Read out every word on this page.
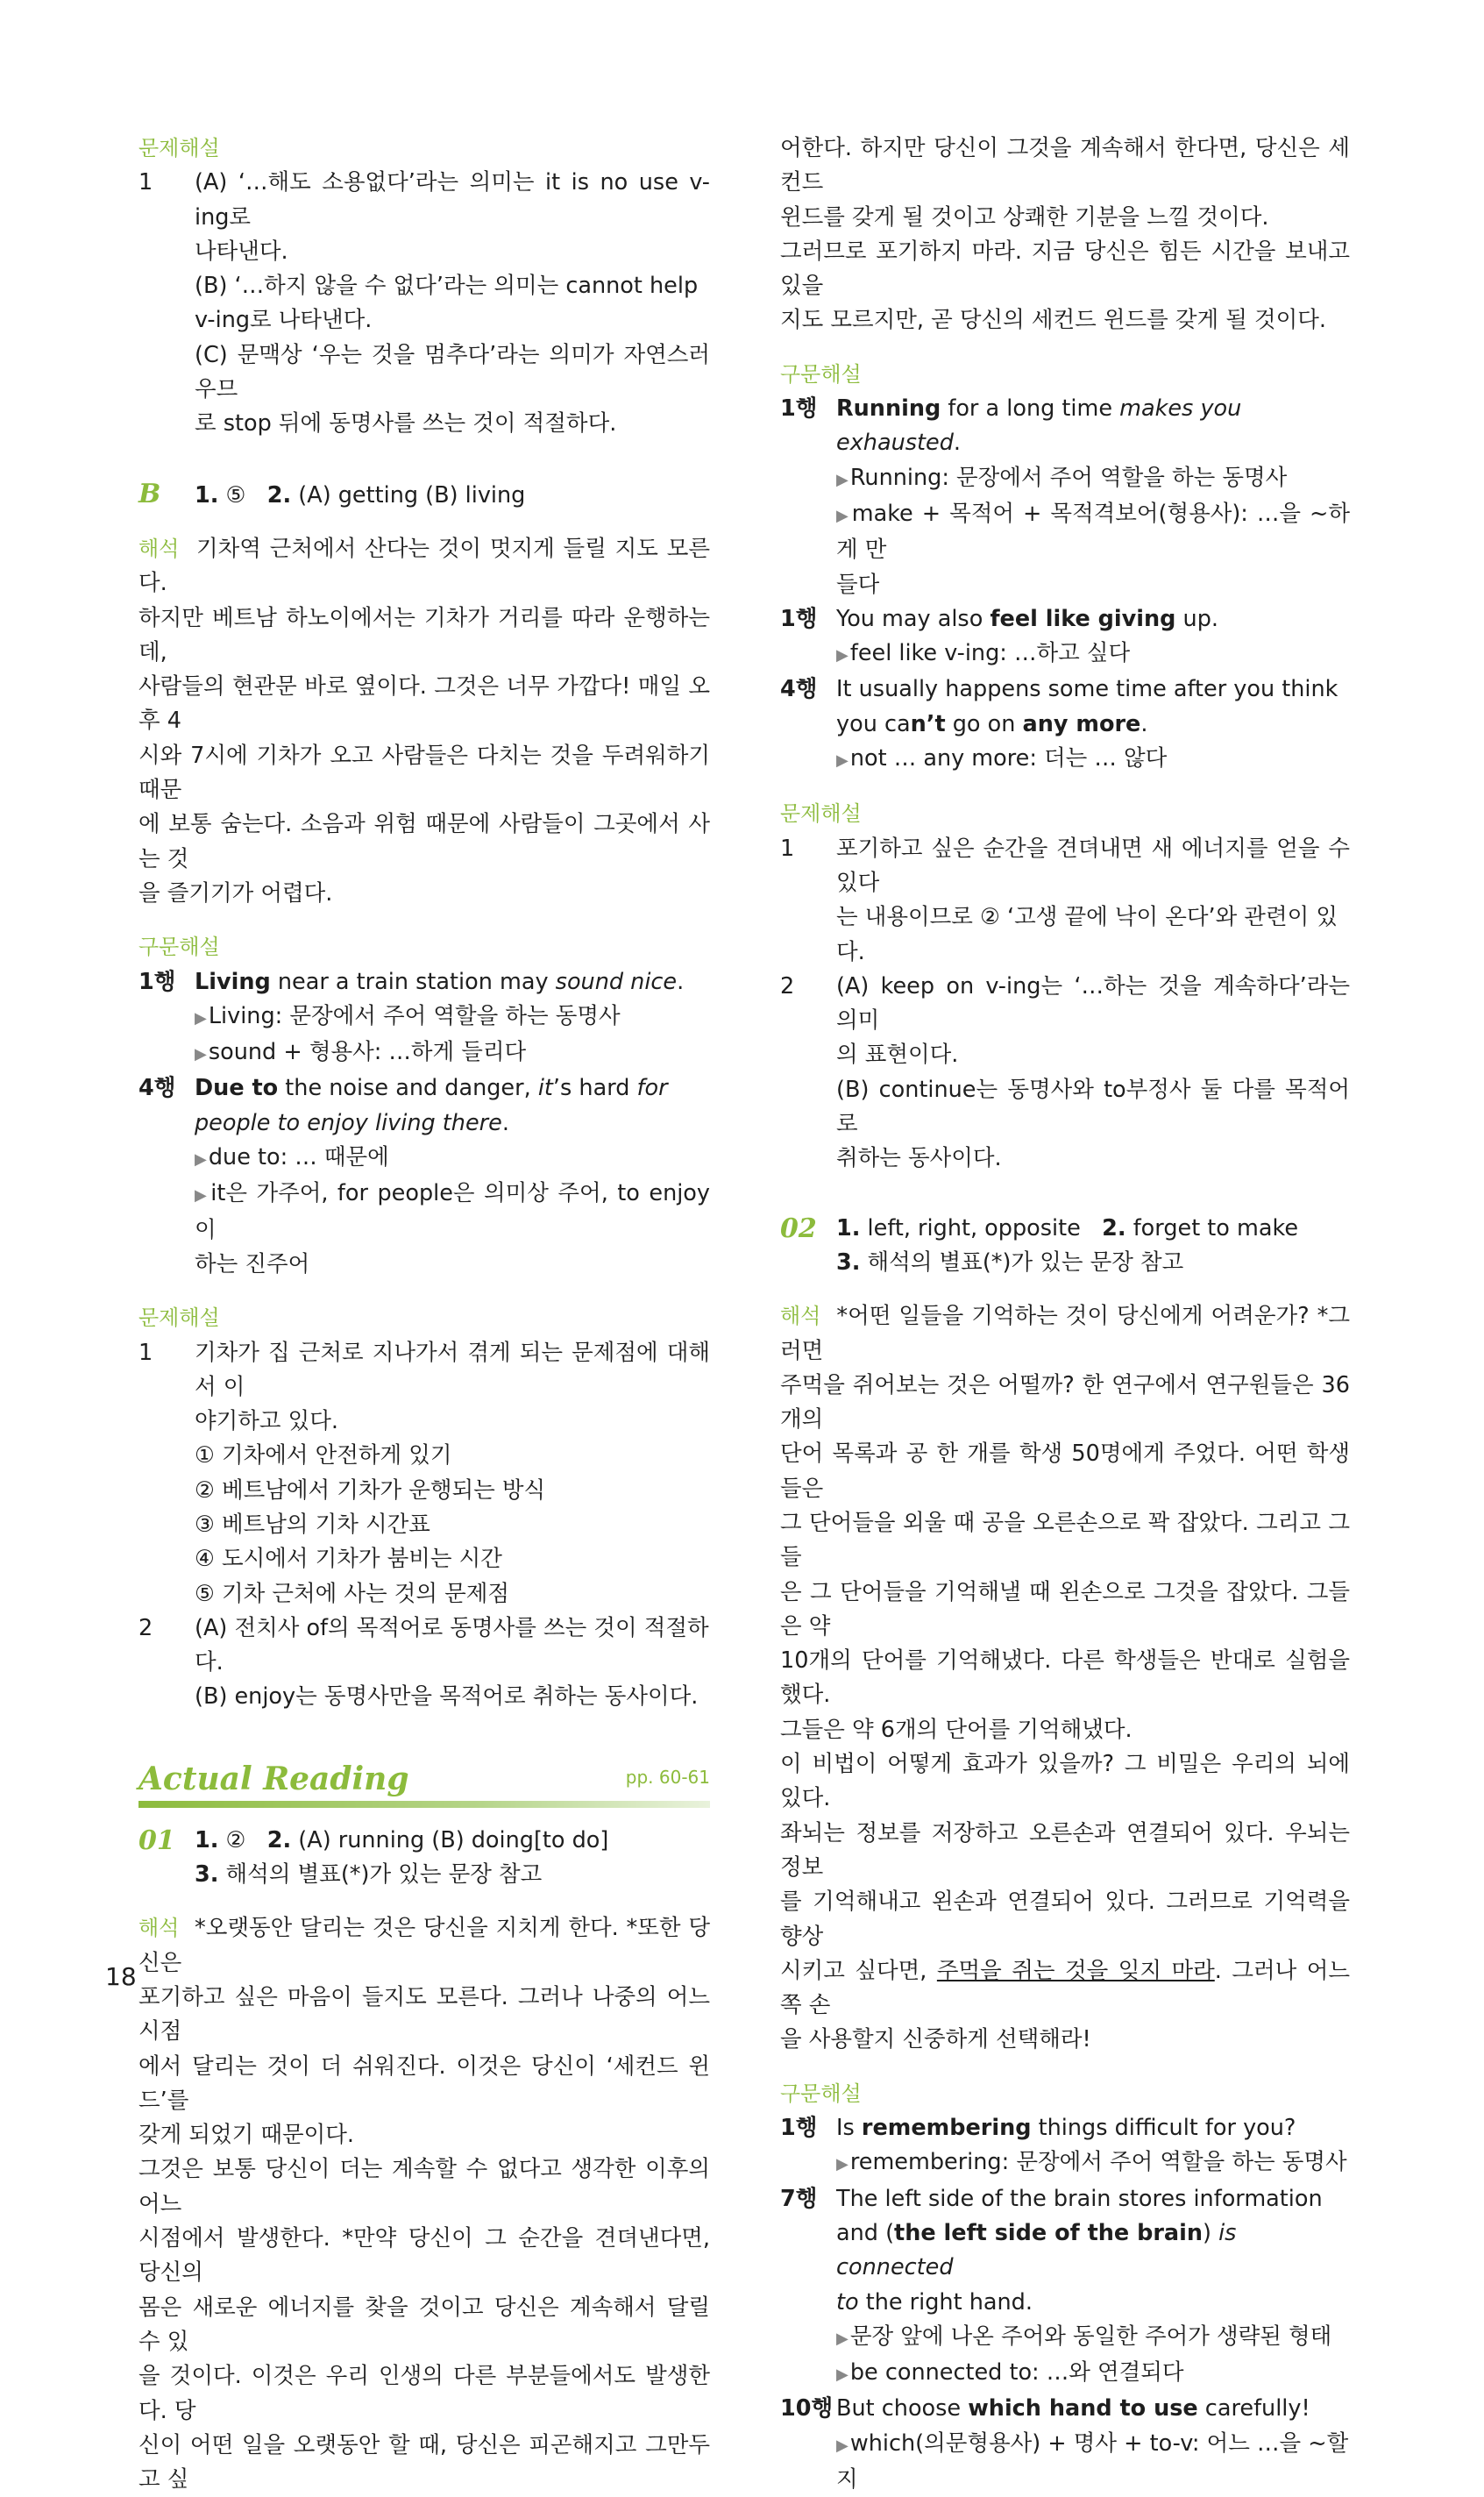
문제해설

1	(A) ‘…해도 소용없다’라는 의미는 it is no use v-ing로

나타낸다.

(B) ‘…하지 않을 수 없다’라는 의미는 cannot help

v-ing로 나타낸다.

(C) 문맥상 ‘우는 것을 멈추다’라는 의미가 자연스러우므

로 stop 뒤에 동명사를 쓰는 것이 적절하다.

B 1. ⑤ 2. (A) getting (B) living

해석 기차역 근처에서 산다는 것이 멋지게 들릴 지도 모른다.

하지만 베트남 하노이에서는 기차가 거리를 따라 운행하는데,

사람들의 현관문 바로 옆이다. 그것은 너무 가깝다! 매일 오후 4

시와 7시에 기차가 오고 사람들은 다치는 것을 두려워하기 때문

에 보통 숨는다. 소음과 위험 때문에 사람들이 그곳에서 사는 것

을 즐기기가 어렵다.

구문해설

1행 Living near a train station may sound nice.

▶Living: 문장에서 주어 역할을 하는 동명사

▶sound + 형용사: …하게 들리다

4행 Due to the noise and danger, it’s hard for

people to enjoy living there.

▶due to: … 때문에

▶it은 가주어, for people은 의미상 주어, to enjoy 이

하는 진주어

문제해설

1	기차가 집 근처로 지나가서 겪게 되는 문제점에 대해서 이

야기하고 있다.

① 기차에서 안전하게 있기

② 베트남에서 기차가 운행되는 방식

③ 베트남의 기차 시간표

④ 도시에서 기차가 붐비는 시간

⑤ 기차 근처에 사는 것의 문제점

2	(A) 전치사 of의 목적어로 동명사를 쓰는 것이 적절하다.

(B) enjoy는 동명사만을 목적어로 취하는 동사이다.

Actual Reading	pp. 60-61
01 1. ② 2. (A) running (B) doing[to do]

3. 해석의 별표(*)가 있는 문장 참고

해석 *오랫동안 달리는 것은 당신을 지치게 한다. *또한 당신은

포기하고 싶은 마음이 들지도 모른다. 그러나 나중의 어느 시점

에서 달리는 것이 더 쉬워진다. 이것은 당신이 ‘세컨드 윈드’를

갖게 되었기 때문이다.

그것은 보통 당신이 더는 계속할 수 없다고 생각한 이후의 어느

시점에서 발생한다. *만약 당신이 그 순간을 견뎌낸다면, 당신의

몸은 새로운 에너지를 찾을 것이고 당신은 계속해서 달릴 수 있

을 것이다. 이것은 우리 인생의 다른 부분들에서도 발생한다. 당

신이 어떤 일을 오랫동안 할 때, 당신은 피곤해지고 그만두고 싶

어한다. 하지만 당신이 그것을 계속해서 한다면, 당신은 세컨드

윈드를 갖게 될 것이고 상쾌한 기분을 느낄 것이다.

그러므로 포기하지 마라. 지금 당신은 힘든 시간을 보내고 있을

지도 모르지만, 곧 당신의 세컨드 윈드를 갖게 될 것이다.

구문해설

1행 Running for a long time makes you exhausted.

▶Running: 문장에서 주어 역할을 하는 동명사

▶make + 목적어 + 목적격보어(형용사): …을 ~하게 만

들다

1행 You may also feel like giving up.

▶feel like v-ing: …하고 싶다

4행 It usually happens some time after you think

you can’t go on any more.

▶not … any more: 더는 … 않다

문제해설

1	포기하고 싶은 순간을 견뎌내면 새 에너지를 얻을 수 있다

는 내용이므로 ② ‘고생 끝에 낙이 온다’와 관련이 있다.

2	(A) keep on v-ing는 ‘…하는 것을 계속하다’라는 의미

의 표현이다.

(B) continue는 동명사와 to부정사 둘 다를 목적어로

취하는 동사이다.

02 1. left, right, opposite 2. forget to make

3. 해석의 별표(*)가 있는 문장 참고

해석 *어떤 일들을 기억하는 것이 당신에게 어려운가? *그러면

주먹을 쥐어보는 것은 어떨까? 한 연구에서 연구원들은 36개의

단어 목록과 공 한 개를 학생 50명에게 주었다. 어떤 학생들은

그 단어들을 외울 때 공을 오른손으로 꽉 잡았다. 그리고 그들

은 그 단어들을 기억해낼 때 왼손으로 그것을 잡았다. 그들은 약

10개의 단어를 기억해냈다. 다른 학생들은 반대로 실험을 했다.

그들은 약 6개의 단어를 기억해냈다.

이 비법이 어떻게 효과가 있을까? 그 비밀은 우리의 뇌에 있다.

좌뇌는 정보를 저장하고 오른손과 연결되어 있다. 우뇌는 정보

를 기억해내고 왼손과 연결되어 있다. 그러므로 기억력을 향상

시키고 싶다면, 주먹을 쥐는 것을 잊지 마라. 그러나 어느 쪽 손

을 사용할지 신중하게 선택해라!

구문해설

1행 Is remembering things difficult for you?

▶remembering: 문장에서 주어 역할을 하는 동명사

7행 The left side of the brain stores information

and (the left side of the brain) is connected

to the right hand.

▶문장 앞에 나온 주어와 동일한 주어가 생략된 형태

▶be connected to: …와 연결되다

10행 But choose which hand to use carefully!

▶which(의문형용사) + 명사 + to-v: 어느 …을 ~할지

18
